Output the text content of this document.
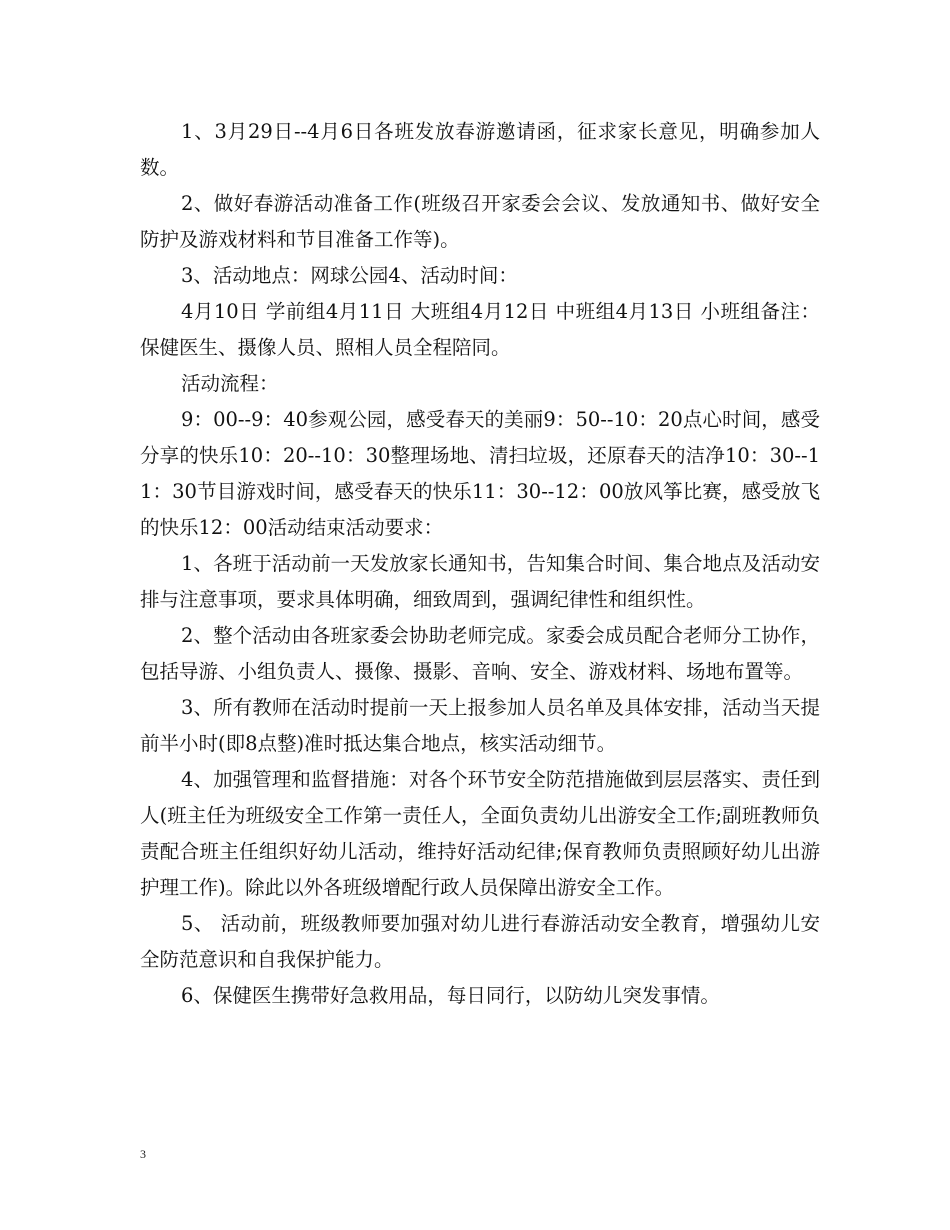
1、3月29日--4月6日各班发放春游邀请函，征求家长意见，明确参加人数。

2、做好春游活动准备工作(班级召开家委会会议、发放通知书、做好安全防护及游戏材料和节目准备工作等)。

3、活动地点：网球公园4、活动时间：

4月10日 学前组4月11日 大班组4月12日 中班组4月13日 小班组备注：保健医生、摄像人员、照相人员全程陪同。

活动流程：

9：00--9：40参观公园，感受春天的美丽9：50--10：20点心时间，感受分享的快乐10：20--10：30整理场地、清扫垃圾，还原春天的洁净10：30--11：30节目游戏时间，感受春天的快乐11：30--12：00放风筝比赛，感受放飞的快乐12：00活动结束活动要求：

1、各班于活动前一天发放家长通知书，告知集合时间、集合地点及活动安排与注意事项，要求具体明确，细致周到，强调纪律性和组织性。

2、整个活动由各班家委会协助老师完成。家委会成员配合老师分工协作，包括导游、小组负责人、摄像、摄影、音响、安全、游戏材料、场地布置等。

3、所有教师在活动时提前一天上报参加人员名单及具体安排，活动当天提前半小时(即8点整)准时抵达集合地点，核实活动细节。

4、加强管理和监督措施：对各个环节安全防范措施做到层层落实、责任到人(班主任为班级安全工作第一责任人，全面负责幼儿出游安全工作;副班教师负责配合班主任组织好幼儿活动，维持好活动纪律;保育教师负责照顾好幼儿出游护理工作)。除此以外各班级增配行政人员保障出游安全工作。

5、 活动前，班级教师要加强对幼儿进行春游活动安全教育，增强幼儿安全防范意识和自我保护能力。

6、保健医生携带好急救用品，每日同行，以防幼儿突发事情。

3
